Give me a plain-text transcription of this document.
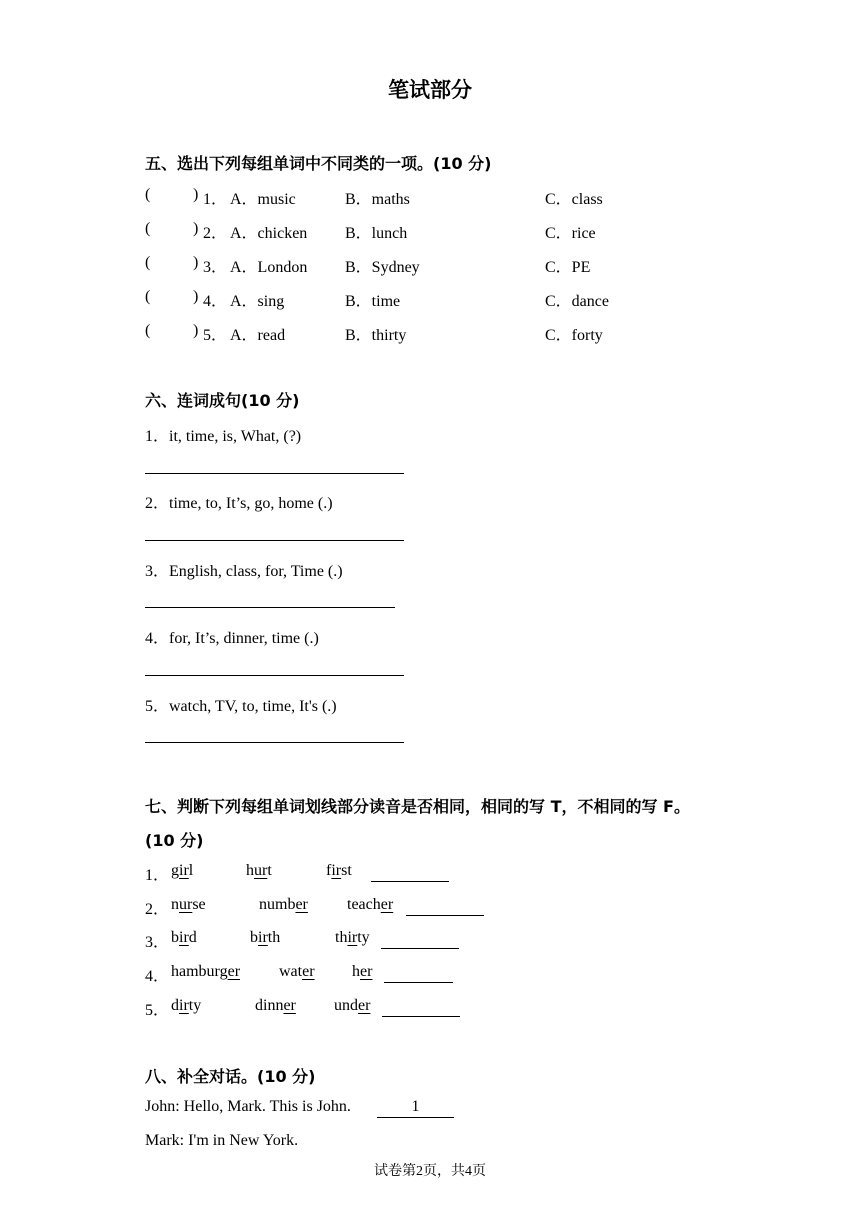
笔试部分
五、选出下列每组单词中不同类的一项。(10 分)
(	) 1． A．music	B．maths	C．class
(	) 2． A．chicken B．lunch	C．rice
(	) 3． A．London B．Sydney	C．PE
(	) 4． A．sing	B．time	C．dance
(	) 5． A．read	B．thirty	C．forty
六、连词成句(10 分)
1．it, time, is, What, (?)
2．time, to, It’s, go, home (.)
3．English, class, for, Time (.)
4．for, It’s, dinner, time (.)
5．watch, TV, to, time, It's (.)
七、判断下列每组单词划线部分读音是否相同，相同的写 T，不相同的写 F。
(10 分)
1． girl	hurt	first
2． nurse	number teacher
3． bird	birth	thirty
4． hamburger water her
5． dirty	dinner under
八、补全对话。(10 分)
John: Hello, Mark. This is John.	1
Mark: I'm in New York.
试卷第2页，共4页
